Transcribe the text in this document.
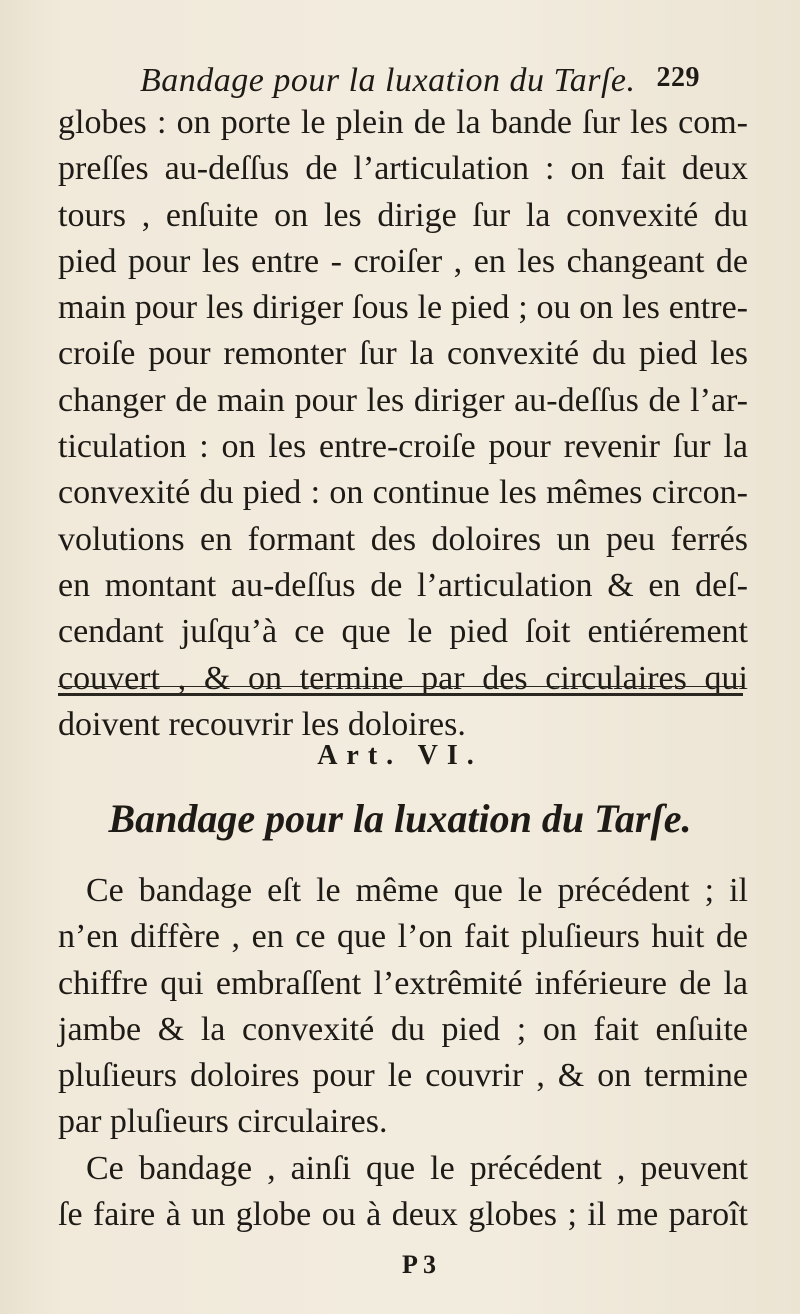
Bandage pour la luxation du Tarſe. 229
globes : on porte le plein de la bande ſur les com-
preſſes au-deſſus de l’articulation : on fait deux
tours , enſuite on les dirige ſur la convexité du
pied pour les entre - croiſer , en les changeant de
main pour les diriger ſous le pied ; ou on les entre-
croiſe pour remonter ſur la convexité du pied les
changer de main pour les diriger au-deſſus de l’ar-
ticulation : on les entre-croiſe pour revenir ſur la
convexité du pied : on continue les mêmes circon-
volutions en formant des doloires un peu ferrés
en montant au-deſſus de l’articulation & en deſ-
cendant juſqu’à ce que le pied ſoit entiérement
couvert , & on termine par des circulaires qui
doivent recouvrir les doloires.
Art. VI.
Bandage pour la luxation du Tarſe.
Ce bandage eſt le même que le précédent ; il
n’en diffère , en ce que l’on fait pluſieurs huit de
chiffre qui embraſſent l’extrêmité inférieure de la
jambe & la convexité du pied ; on fait enſuite
pluſieurs doloires pour le couvrir , & on termine
par pluſieurs circulaires.
Ce bandage , ainſi que le précédent , peuvent
ſe faire à un globe ou à deux globes ; il me paroît
P 3
